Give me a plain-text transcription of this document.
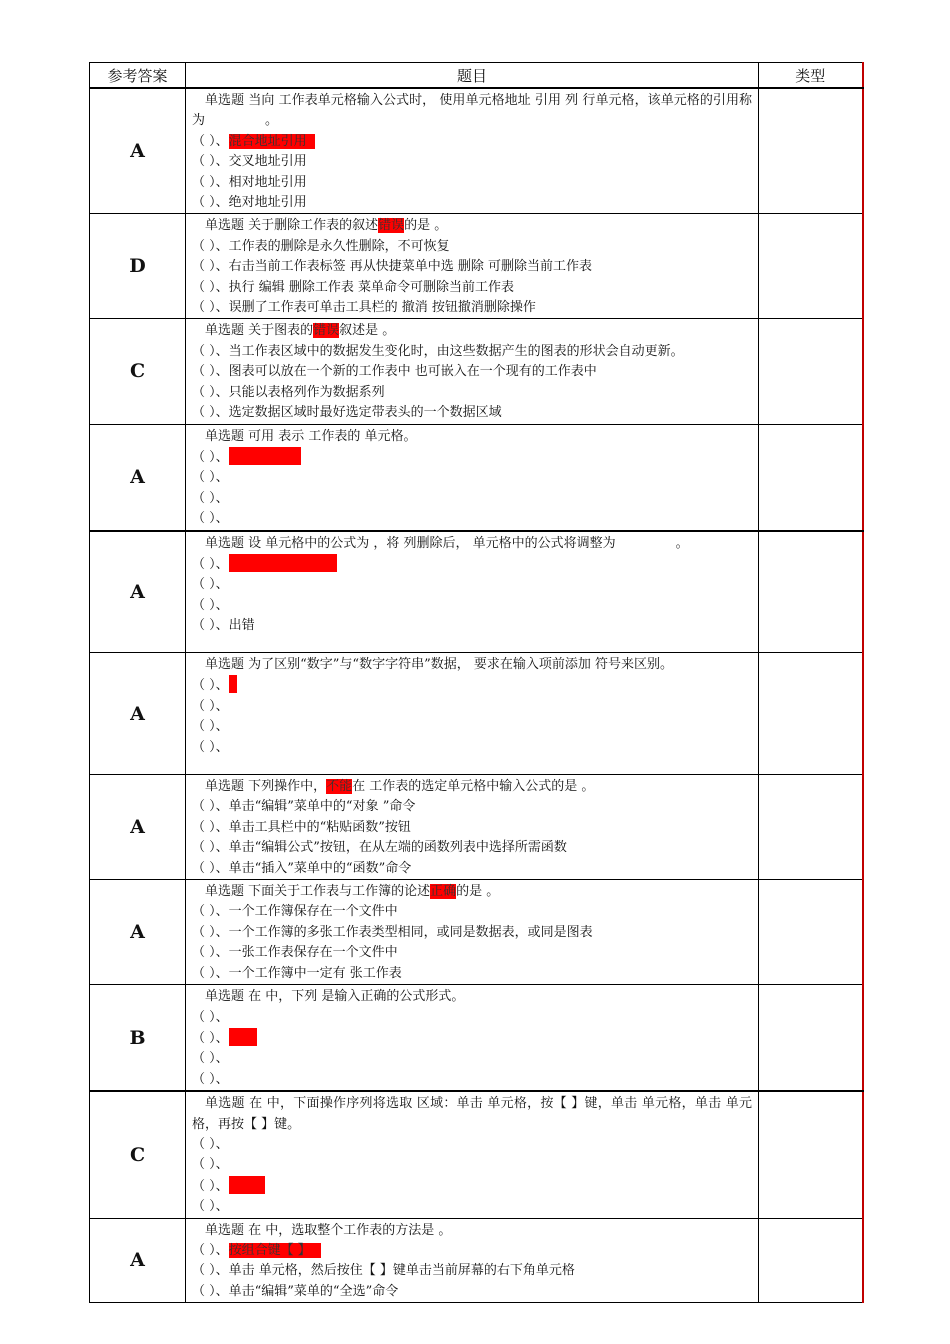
参考答案	题目	类型
A	单选题 当向 工作表单元格输入公式时， 使用单元格地址 引用 列 行单元格，该单元格的引用称为 。
（ ）、混合地址引用
（ ）、交叉地址引用
（ ）、相对地址引用
（ ）、绝对地址引用	

D	单选题 关于删除工作表的叙述错误的是 。
（ ）、工作表的删除是永久性删除，不可恢复
（ ）、右击当前工作表标签 再从快捷菜单中选 删除 可删除当前工作表
（ ）、执行 编辑 删除工作表 菜单命令可删除当前工作表
（ ）、误删了工作表可单击工具栏的 撤消 按钮撤消删除操作	

C	单选题 关于图表的错误叙述是 。
（ ）、当工作表区域中的数据发生变化时，由这些数据产生的图表的形状会自动更新。
（ ）、图表可以放在一个新的工作表中 也可嵌入在一个现有的工作表中
（ ）、只能以表格列作为数据系列
（ ）、选定数据区域时最好选定带表头的一个数据区域	

A	单选题 可用 表示 工作表的 单元格。
（ ）、
（ ）、
（ ）、
（ ）、	

A	单选题 设 单元格中的公式为 ，将 列删除后， 单元格中的公式将调整为 。
（ ）、
（ ）、
（ ）、
（ ）、出错	

A	单选题 为了区别“数字”与“数字字符串”数据， 要求在输入项前添加 符号来区别。
（ ）、
（ ）、
（ ）、
（ ）、	

A	单选题 下列操作中，不能在 工作表的选定单元格中输入公式的是 。
（ ）、单击“编辑”菜单中的“对象 ”命令
（ ）、单击工具栏中的“粘贴函数”按钮
（ ）、单击“编辑公式”按钮，在从左端的函数列表中选择所需函数
（ ）、单击“插入”菜单中的“函数”命令	

A	单选题 下面关于工作表与工作簿的论述正确的是 。
（ ）、一个工作簿保存在一个文件中
（ ）、一个工作簿的多张工作表类型相同，或同是数据表，或同是图表
（ ）、一张工作表保存在一个文件中
（ ）、一个工作簿中一定有 张工作表	

B	单选题 在 中，下列 是输入正确的公式形式。
（ ）、
（ ）、
（ ）、
（ ）、	

C	单选题 在 中，下面操作序列将选取 区域：单击 单元格，按【 】键，单击 单元格，单击 单元格，再按【 】键。
（ ）、
（ ）、
（ ）、
（ ）、	

A	单选题 在 中，选取整个工作表的方法是 。
（ ）、按组合键【 】
（ ）、单击 单元格，然后按住【 】键单击当前屏幕的右下角单元格
（ ）、单击“编辑”菜单的“全选”命令	
